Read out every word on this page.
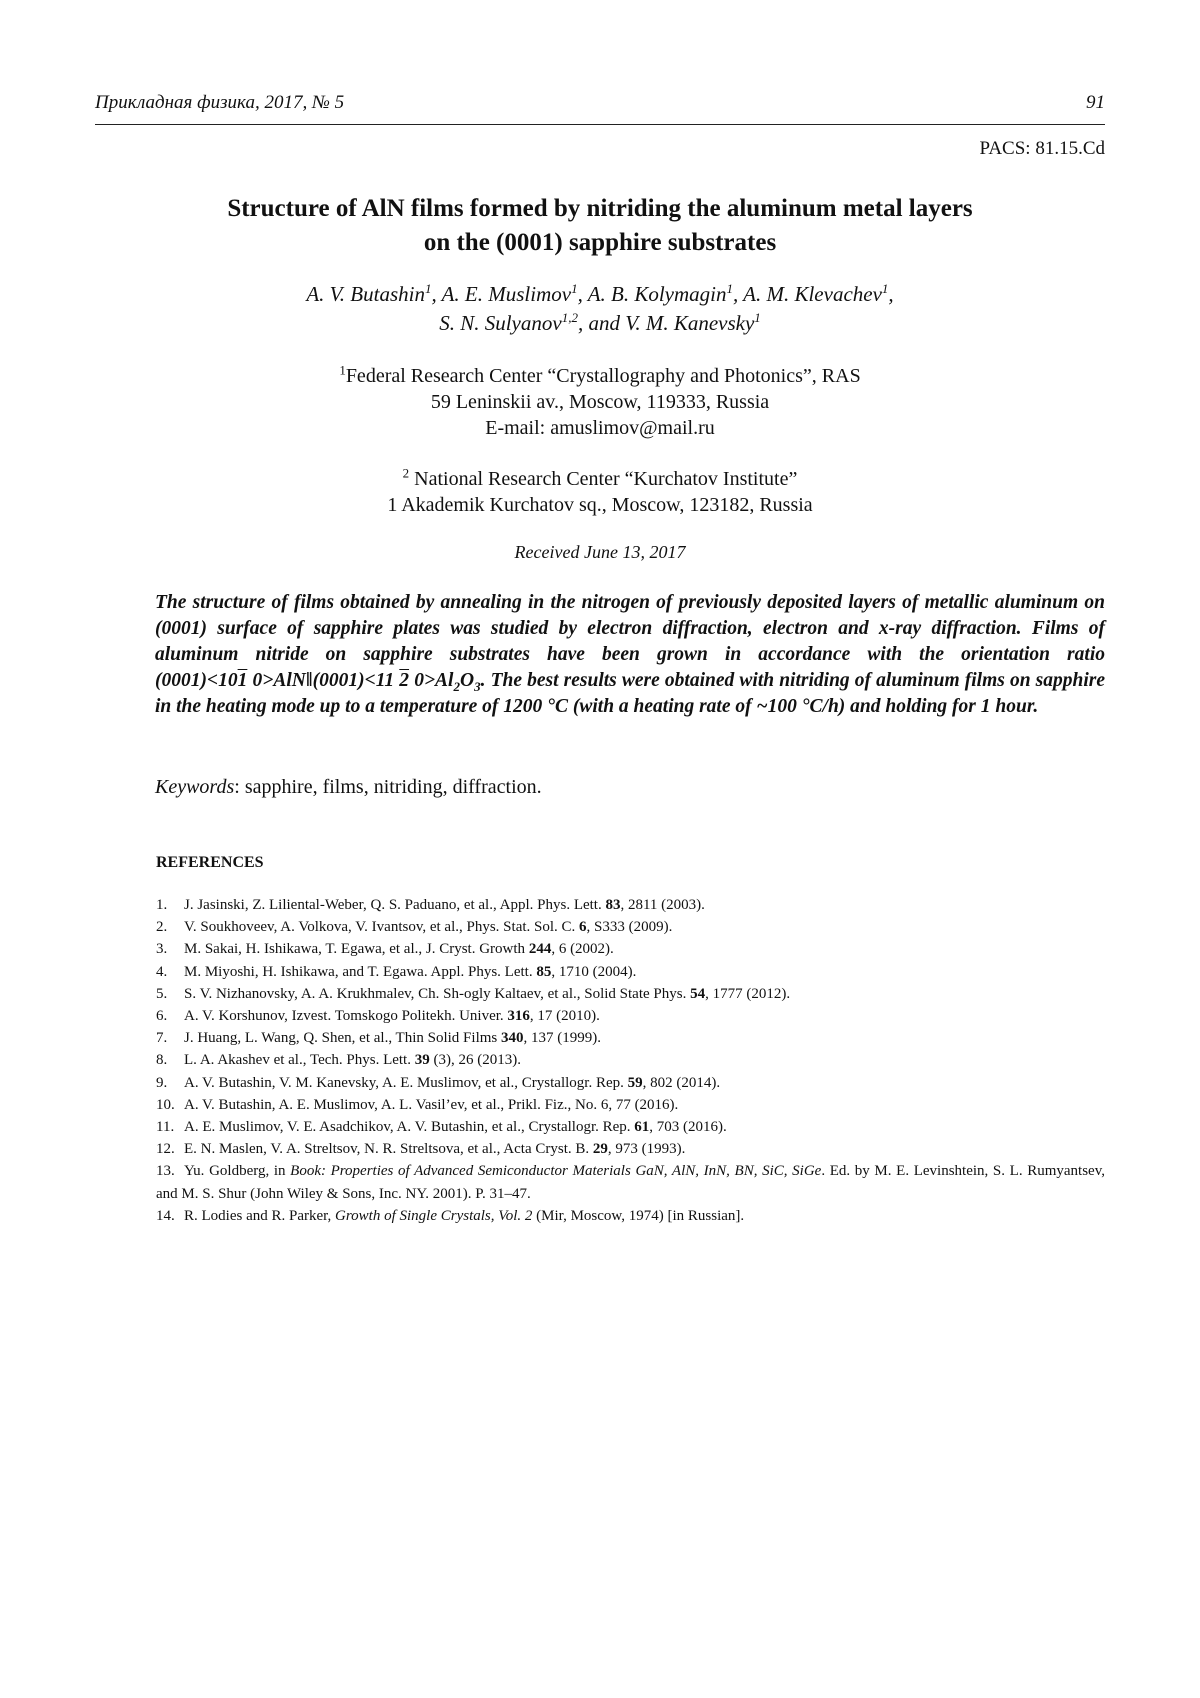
Прикладная физика, 2017, № 5	91
PACS: 81.15.Cd
Structure of AlN films formed by nitriding the aluminum metal layers
on the (0001) sapphire substrates
A. V. Butashin$^1$, A. E. Muslimov$^1$, A. B. Kolymagin$^1$, A. M. Klevachev$^1$,
S. N. Sulyanov$^{1,2}$, and V. M. Kanevsky$^1$
$^1$Federal Research Center “Crystallography and Photonics”, RAS
59 Leninskii av., Moscow, 119333, Russia
E-mail: amuslimov@mail.ru
$^2$ National Research Center “Kurchatov Institute”
1 Akademik Kurchatov sq., Moscow, 123182, Russia
Received June 13, 2017

The structure of films obtained by annealing in the nitrogen of previously deposited layers of metallic aluminum on (0001) surface of sapphire plates was studied by electron diffraction, electron and x-ray diffraction. Films of aluminum nitride on sapphire substrates have been grown in accordance with the orientation ratio (0001)<101 0>AlN‖(0001)<11 2 $0>Al_2O_3$. The best results were obtained with nitriding of aluminum films on sapphire in the heating mode up to a temperature of 1200 °C (with a heating rate of ~100 °C/h) and holding for 1 hour.

Keywords: sapphire, films, nitriding, diffraction.
REFERENCES
1. J. Jasinski, Z. Liliental-Weber, Q. S. Paduano, et al., Appl. Phys. Lett. 83, 2811 (2003).
2. V. Soukhoveev, A. Volkova, V. Ivantsov, et al., Phys. Stat. Sol. C. 6, S333 (2009).
3. M. Sakai, H. Ishikawa, T. Egawa, et al., J. Cryst. Growth 244, 6 (2002).
4. M. Miyoshi, H. Ishikawa, and T. Egawa. Appl. Phys. Lett. 85, 1710 (2004).
5. S. V. Nizhanovsky, A. A. Krukhmalev, Ch. Sh-ogly Kaltaev, et al., Solid State Phys. 54, 1777 (2012).
6. A. V. Korshunov, Izvest. Tomskogo Politekh. Univer. 316, 17 (2010).
7. J. Huang, L. Wang, Q. Shen, et al., Thin Solid Films 340, 137 (1999).
8. L. A. Akashev et al., Tech. Phys. Lett. 39 (3), 26 (2013).
9. A. V. Butashin, V. M. Kanevsky, A. E. Muslimov, et al., Crystallogr. Rep. 59, 802 (2014).
10. A. V. Butashin, A. E. Muslimov, A. L. Vasil’ev, et al., Prikl. Fiz., No. 6, 77 (2016).
11. A. E. Muslimov, V. E. Asadchikov, A. V. Butashin, et al., Crystallogr. Rep. 61, 703 (2016).
12. E. N. Maslen, V. A. Streltsov, N. R. Streltsova, et al., Acta Cryst. B. 29, 973 (1993).
13. Yu. Goldberg, in Book: Properties of Advanced Semiconductor Materials GaN, AlN, InN, BN, SiC, SiGe. Ed. by M. E. Levinshtein, S. L. Rumyantsev, and M. S. Shur (John Wiley & Sons, Inc. NY. 2001). P. 31–47.
14. R. Lodies and R. Parker, Growth of Single Crystals, Vol. 2 (Mir, Moscow, 1974) [in Russian].
